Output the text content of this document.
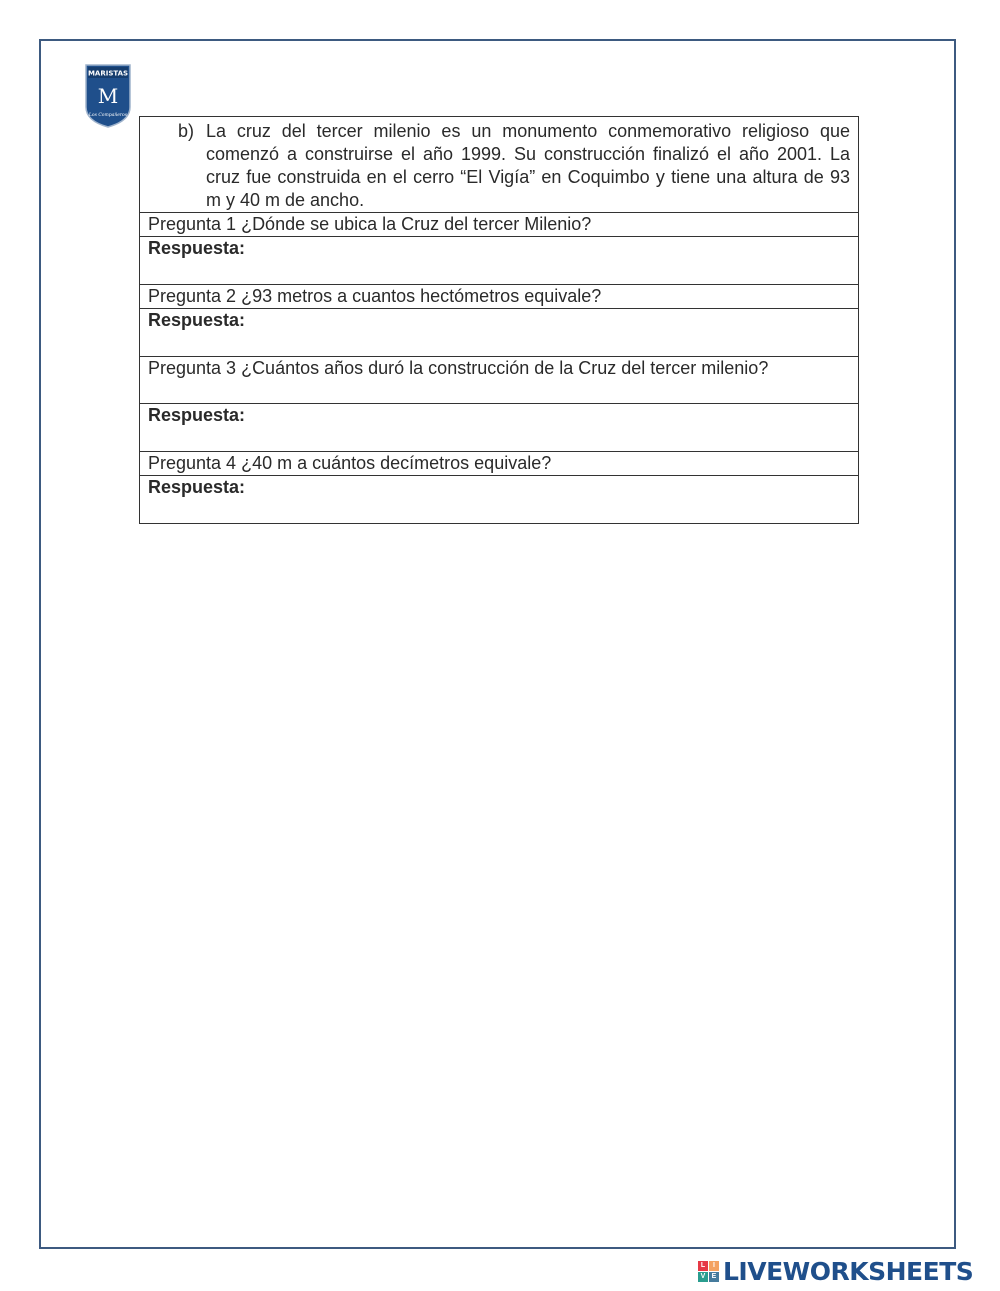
MARISTAS
M
Los Compañeros
b) La cruz del tercer milenio es un monumento conmemorativo religioso que comenzó a construirse el año 1999. Su construcción finalizó el año 2001. La cruz fue construida en el cerro “El Vigía” en Coquimbo y tiene una altura de 93 m y 40 m de ancho.

Pregunta 1 ¿Dónde se ubica la Cruz del tercer Milenio?
Respuesta:
Pregunta 2 ¿93 metros a cuantos hectómetros equivale?
Respuesta:
Pregunta 3 ¿Cuántos años duró la construcción de la Cruz del tercer milenio?
Respuesta:
Pregunta 4 ¿40 m a cuántos decímetros equivale?
Respuesta:
L	I
V E LIVEWORKSHEETS
